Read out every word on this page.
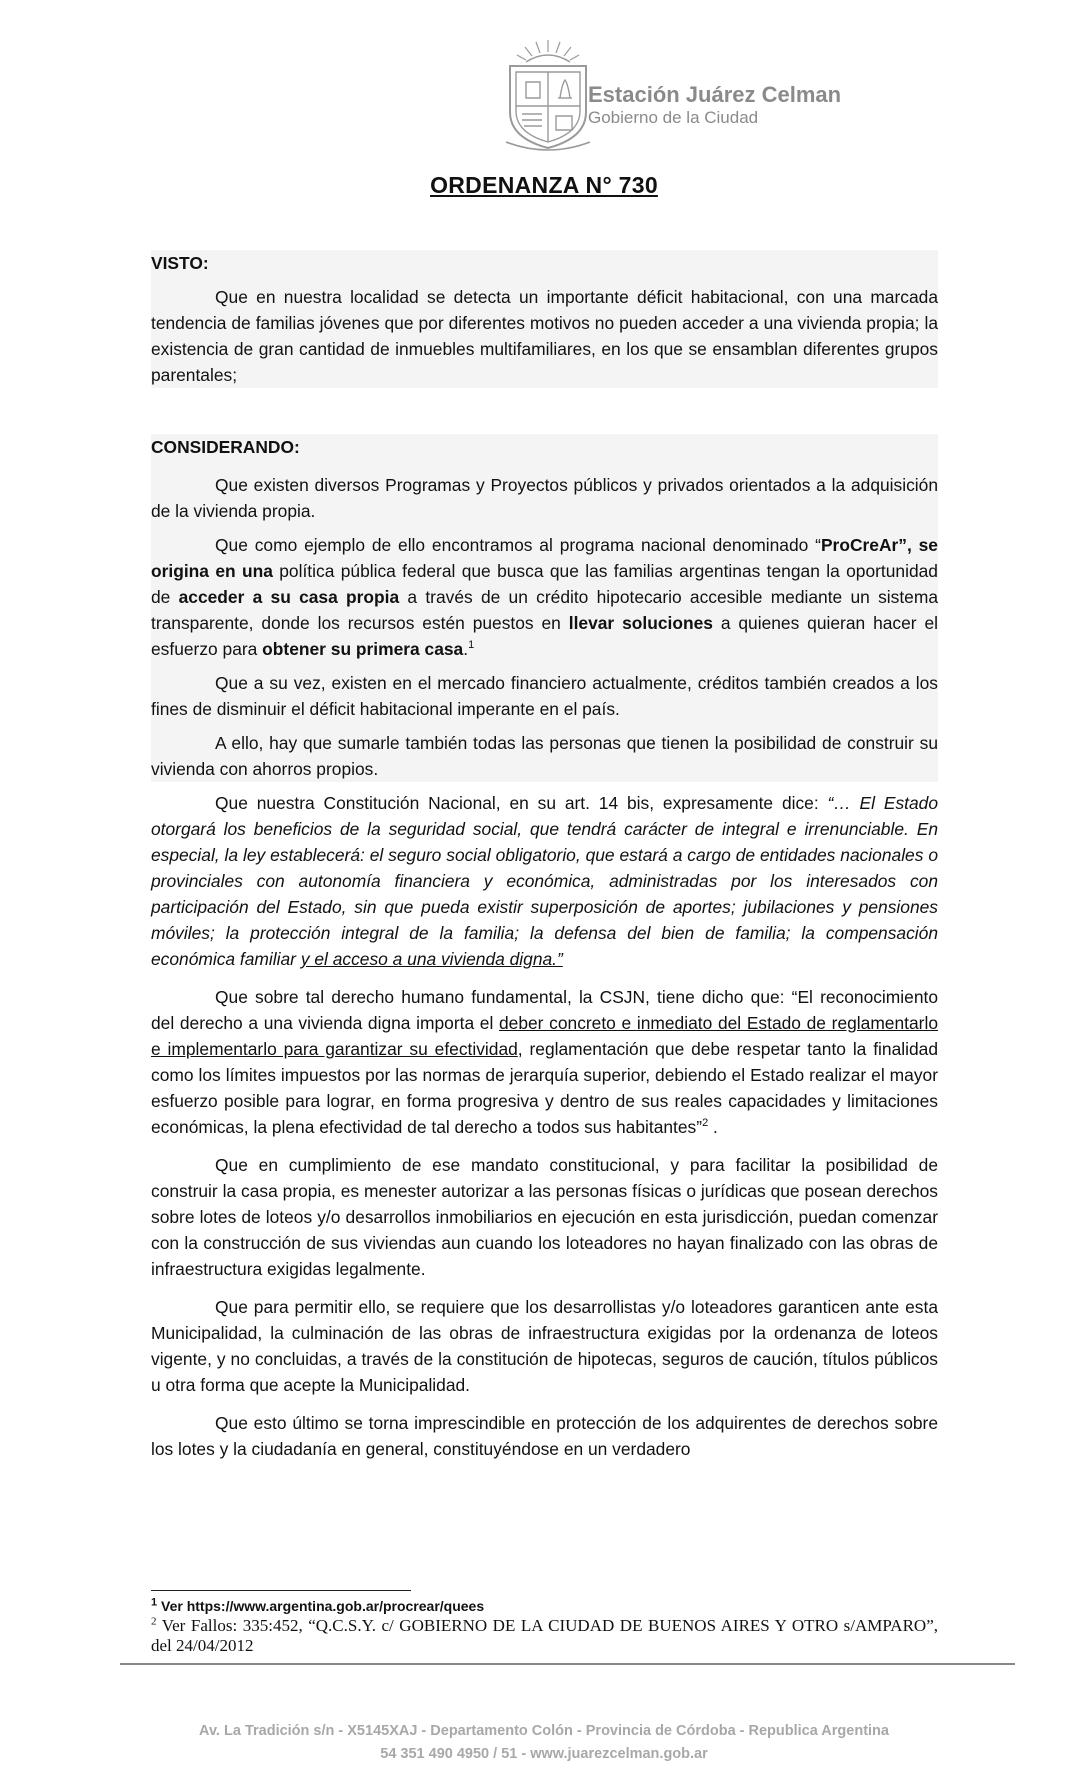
Estación Juárez Celman
Gobierno de la Ciudad
ORDENANZA N° 730
VISTO:

Que en nuestra localidad se detecta un importante déficit habitacional, con una marcada tendencia de familias jóvenes que por diferentes motivos no pueden acceder a una vivienda propia; la existencia de gran cantidad de inmuebles multifamiliares, en los que se ensamblan diferentes grupos parentales;

CONSIDERANDO:

Que existen diversos Programas y Proyectos públicos y privados orientados a la adquisición de la vivienda propia.

Que como ejemplo de ello encontramos al programa nacional denominado “ProCreAr”, se origina en una política pública federal que busca que las familias argentinas tengan la oportunidad de acceder a su casa propia a través de un crédito hipotecario accesible mediante un sistema transparente, donde los recursos estén puestos en llevar soluciones a quienes quieran hacer el esfuerzo para obtener su primera casa.$^1$

Que a su vez, existen en el mercado financiero actualmente, créditos también creados a los fines de disminuir el déficit habitacional imperante en el país.

A ello, hay que sumarle también todas las personas que tienen la posibilidad de construir su vivienda con ahorros propios.

Que nuestra Constitución Nacional, en su art. 14 bis, expresamente dice: “… El Estado otorgará los beneficios de la seguridad social, que tendrá carácter de integral e irrenunciable. En especial, la ley establecerá: el seguro social obligatorio, que estará a cargo de entidades nacionales o provinciales con autonomía financiera y económica, administradas por los interesados con participación del Estado, sin que pueda existir superposición de aportes; jubilaciones y pensiones móviles; la protección integral de la familia; la defensa del bien de familia; la compensación económica familiar y el acceso a una vivienda digna.”

Que sobre tal derecho humano fundamental, la CSJN, tiene dicho que: “El reconocimiento del derecho a una vivienda digna importa el deber concreto e inmediato del Estado de reglamentarlo e implementarlo para garantizar su efectividad, reglamentación que debe respetar tanto la finalidad como los límites impuestos por las normas de jerarquía superior, debiendo el Estado realizar el mayor esfuerzo posible para lograr, en forma progresiva y dentro de sus reales capacidades y limitaciones económicas, la plena efectividad de tal derecho a todos sus habitantes”$^2$ .

Que en cumplimiento de ese mandato constitucional, y para facilitar la posibilidad de construir la casa propia, es menester autorizar a las personas físicas o jurídicas que posean derechos sobre lotes de loteos y/o desarrollos inmobiliarios en ejecución en esta jurisdicción, puedan comenzar con la construcción de sus viviendas aun cuando los loteadores no hayan finalizado con las obras de infraestructura exigidas legalmente.

Que para permitir ello, se requiere que los desarrollistas y/o loteadores garanticen ante esta Municipalidad, la culminación de las obras de infraestructura exigidas por la ordenanza de loteos vigente, y no concluidas, a través de la constitución de hipotecas, seguros de caución, títulos públicos u otra forma que acepte la Municipalidad.

Que esto último se torna imprescindible en protección de los adquirentes de derechos sobre los lotes y la ciudadanía en general, constituyéndose en un verdadero

$^1$ Ver https://www.argentina.gob.ar/procrear/quees
$^2$ Ver Fallos: 335:452, “Q.C.S.Y. c/ GOBIERNO DE LA CIUDAD DE BUENOS AIRES Y OTRO s/AMPARO”, del 24/04/2012
Av. La Tradición s/n - X5145XAJ - Departamento Colón - Provincia de Córdoba - Republica Argentina
54 351 490 4950 / 51 - www.juarezcelman.gob.ar
